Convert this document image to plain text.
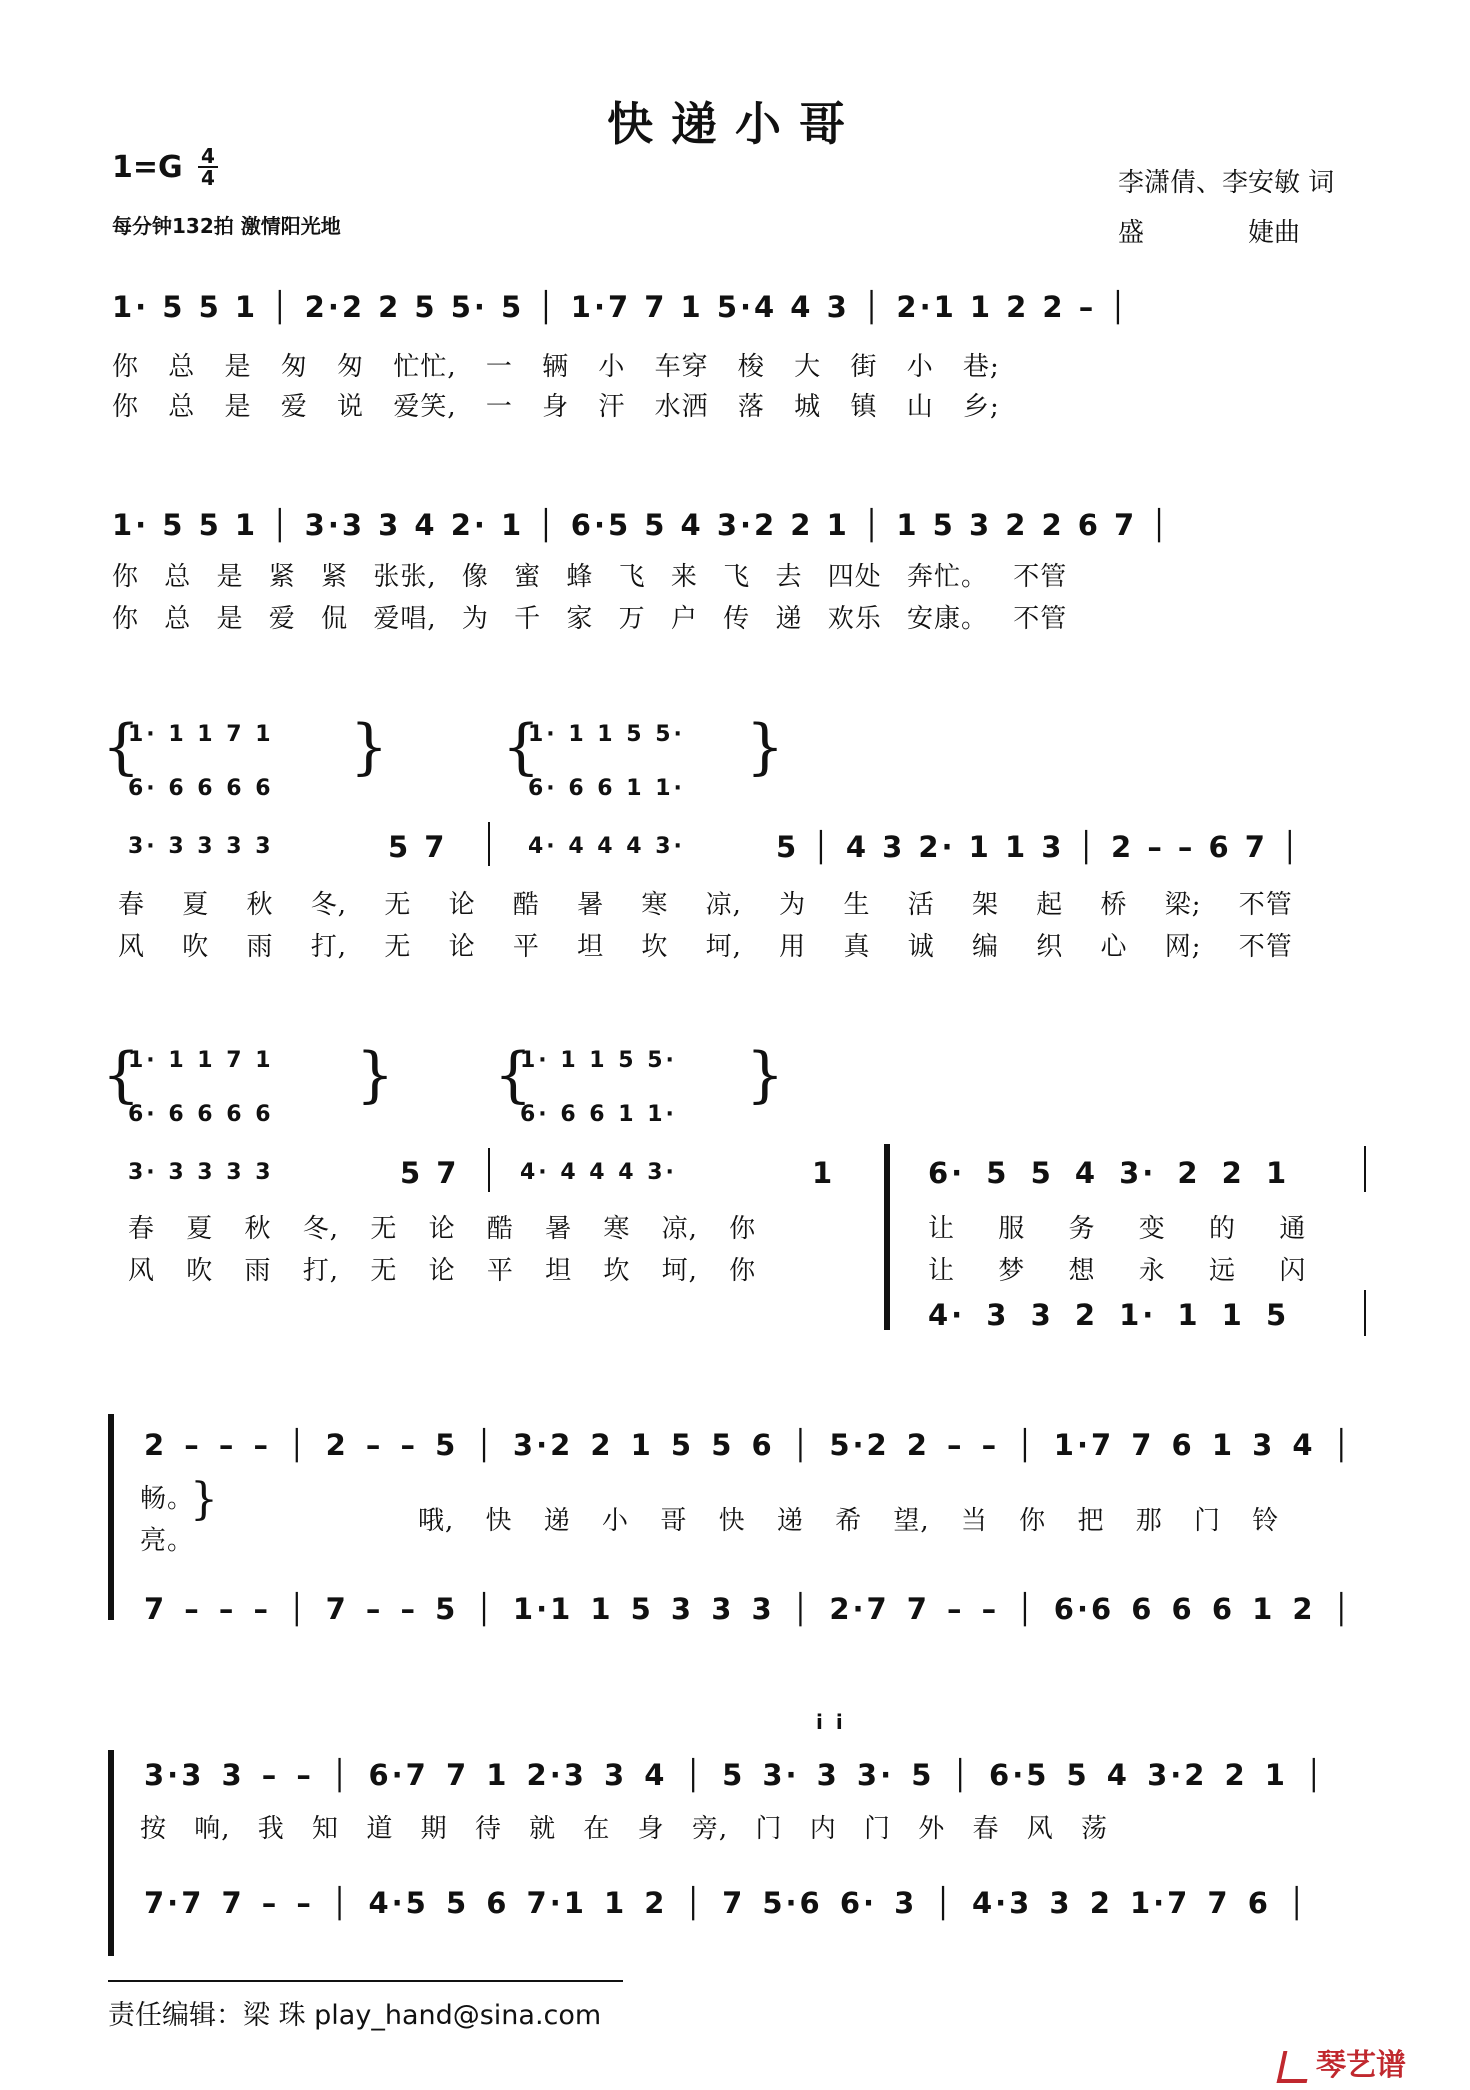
快递小哥
$1=G \frac{4}{4}$
每分钟132拍 激情阳光地
李潇倩、李安敏 词
盛　　　　婕曲
1· 5 5 1 │ 2·2 2 5 5· 5 │ 1·7 7 1 5·4 4 3 │ 2·1 1 2 2 – │
你 总 是 匆 匆 忙忙, 一 辆 小 车穿 梭 大 街 小 巷;
你 总 是 爱 说 爱笑, 一 身 汗 水洒 落 城 镇 山 乡;
1· 5 5 1 │ 3·3 3 4 2· 1 │ 6·5 5 4 3·2 2 1 │ 1 5 3 2 2 6 7 │
你 总 是 紧 紧 张张, 像 蜜 蜂 飞 来 飞 去 四处 奔忙。 不管
你 总 是 爱 侃 爱唱, 为 千 家 万 户 传 递 欢乐 安康。 不管
{
1· 1 1 7 1
6· 6 6 6 6
3· 3 3 3 3
}
5 7
{
1· 1 1 5 5·
6· 6 6 1 1·
4· 4 4 4 3·
}
5 │ 4 3 2· 1 1 3 │ 2 – – 6 7 │
春 夏 秋 冬, 无 论 酷 暑 寒 凉, 为 生 活 架 起 桥 梁; 不管
风 吹 雨 打, 无 论 平 坦 坎 坷, 用 真 诚 编 织 心 网; 不管
{
1· 1 1 7 1
6· 6 6 6 6
3· 3 3 3 3
}
5 7
{
1· 1 1 5 5·
6· 6 6 1 1·
4· 4 4 4 3·
}
1	6· 5 5 4 3· 2 2 1
4· 3 3 2 1· 1 1 5
春 夏 秋 冬, 无 论 酷 暑 寒 凉, 你
风 吹 雨 打, 无 论 平 坦 坎 坷, 你
让 服 务 变 的 通
让 梦 想 永 远 闪
2 – – – │ 2 – – 5 │ 3·2 2 1 5 5 6 │ 5·2 2 – – │ 1·7 7 6 1 3 4 │
畅。
亮。
}	哦, 快 递 小 哥 快 递 希 望, 当 你 把 那 门 铃
7 – – – │ 7 – – 5 │ 1·1 1 5 3 3 3 │ 2·7 7 – – │ 6·6 6 6 6 1 2 │
i i
3·3 3 – – │ 6·7 7 1 2·3 3 4 │ 5 3· 3 3· 5 │ 6·5 5 4 3·2 2 1 │
按 响, 我 知 道 期 待 就 在 身 旁, 门 内 门 外 春 风 荡
7·7 7 – – │ 4·5 5 6 7·1 1 2 │ 7 5·6 6· 3 │ 4·3 3 2 1·7 7 6 │
责任编辑：梁 珠 play_hand@sina.com
琴艺谱
